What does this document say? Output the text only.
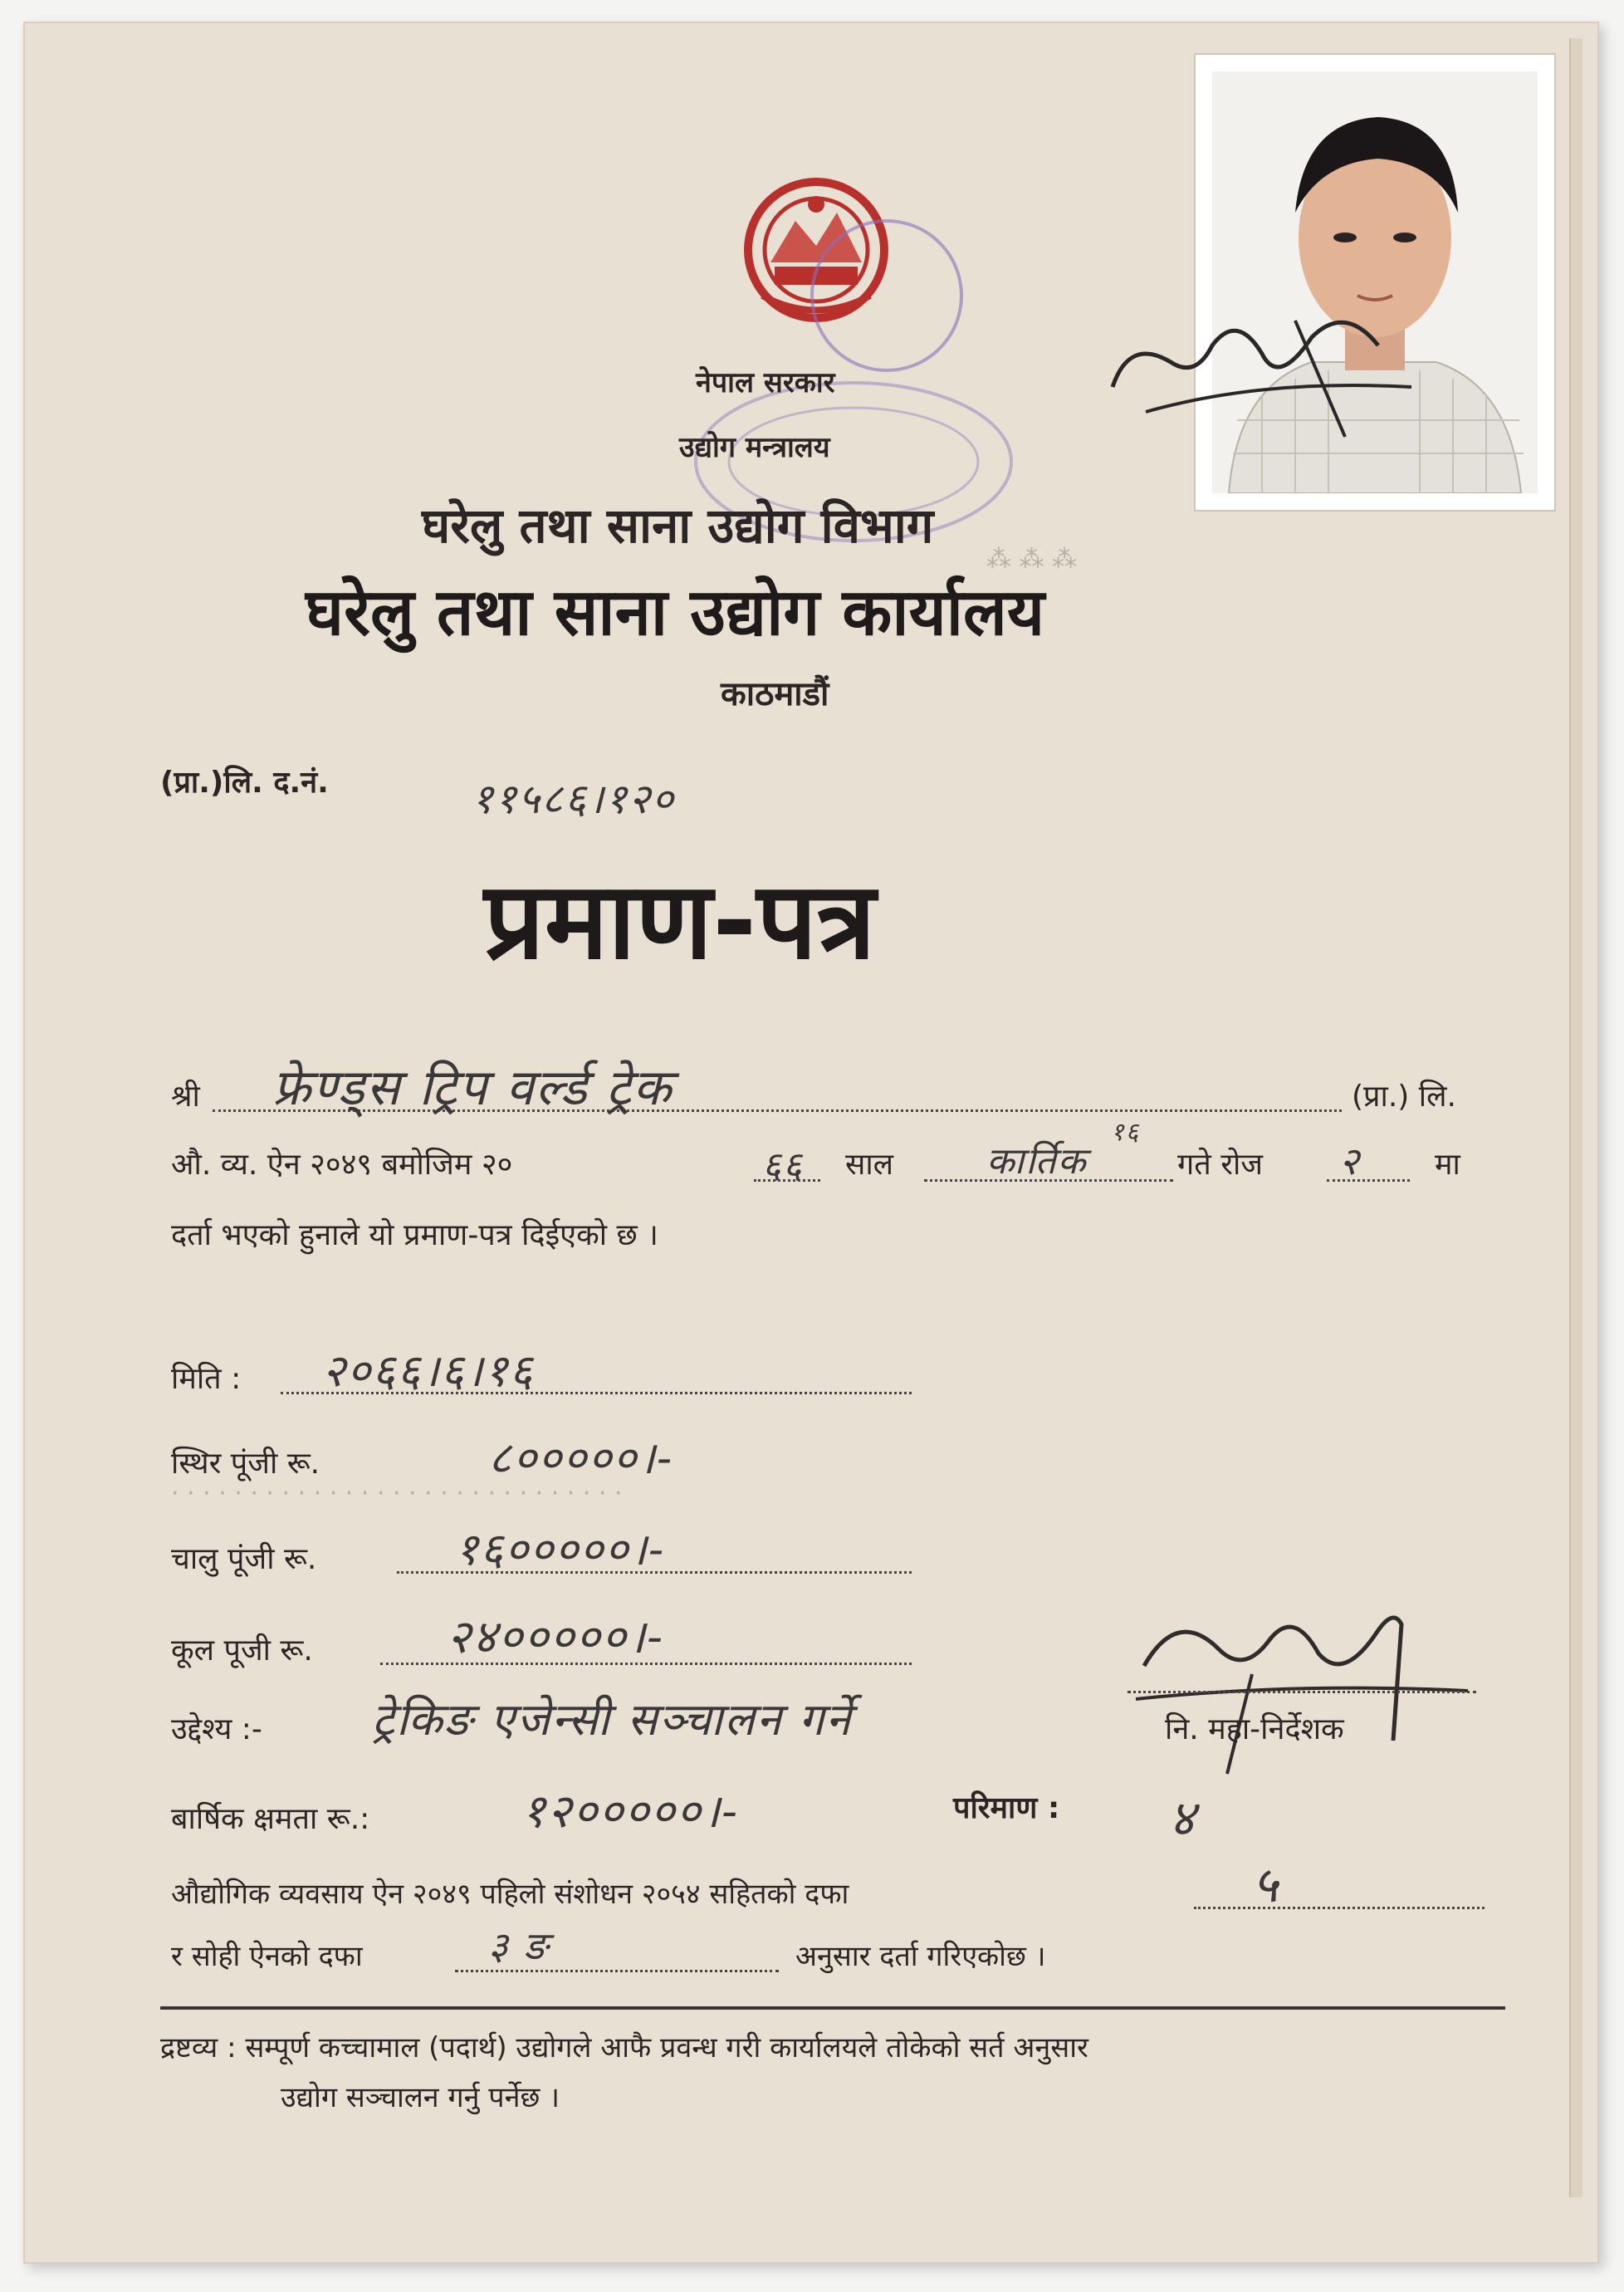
⁂ ⁂ ⁂
नेपाल सरकार
उद्योग मन्त्रालय
घरेलु तथा साना उद्योग विभाग
घरेलु तथा साना उद्योग कार्यालय
काठमाडौं
(प्रा.)लि. द.नं.	११५८६।१२०
प्रमाण-पत्र
श्री फ्रेण्ड्स ट्रिप वर्ल्ड ट्रेक	(प्रा.) लि.
औ. व्य. ऐन २०४९ बमोजिम २०	६६ साल	कार्तिक
१६
गते रोज २ मा
दर्ता भएको हुनाले यो प्रमाण-पत्र दिईएको छ ।
मिति : २०६६।६।१६
स्थिर पूंजी रू.	८०००००।-
· · · · · · · · · · · · · · · · · · · · · · · · · · · · ·
चालु पूंजी रू.	१६०००००।-
कूल पूजी रू.	२४०००००।-
उद्देश्य :- ट्रेकिङ एजेन्सी सञ्चालन गर्ने	नि. महा-निर्देशक
बार्षिक क्षमता रू.:	१२०००००।-	परिमाण : ४
औद्योगिक व्यवसाय ऐन २०४९ पहिलो संशोधन २०५४ सहितको दफा	५
र सोही ऐनको दफा	३ ङ	अनुसार दर्ता गरिएकोछ ।
द्रष्टव्य : सम्पूर्ण कच्चामाल (पदार्थ) उद्योगले आफै प्रवन्ध गरी कार्यालयले तोकेको सर्त अनुसार
उद्योग सञ्चालन गर्नु पर्नेछ ।
